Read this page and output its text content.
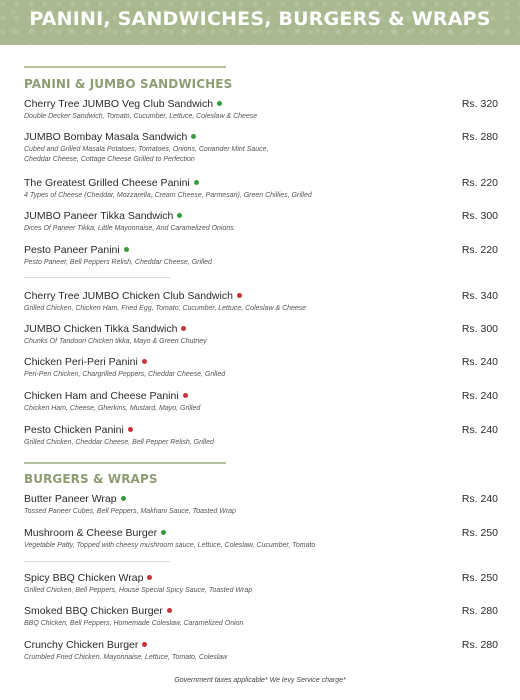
PANINI, SANDWICHES, BURGERS & WRAPS
PANINI & JUMBO SANDWICHES
Cherry Tree JUMBO Veg Club Sandwich
Double Decker Sandwich, Tomato, Cucumber, Lettuce, Coleslaw & Cheese
Rs. 320
JUMBO Bombay Masala Sandwich
Cubed and Grilled Masala Potatoes, Tomatoes, Onions, Coriander Mint Sauce,
Cheddar Cheese, Cottage Cheese Grilled to Perfection
Rs. 280
The Greatest Grilled Cheese Panini
4 Types of Cheese (Cheddar, Mozzarella, Cream Cheese, Parmesan), Green Chillies, Grilled
Rs. 220
JUMBO Paneer Tikka Sandwich
Dices Of Paneer Tikka, Little Mayonnaise, And Caramelized Onions
Rs. 300
Pesto Paneer Panini
Pesto Paneer, Bell Peppers Relish, Cheddar Cheese, Grilled
Rs. 220
Cherry Tree JUMBO Chicken Club Sandwich
Grilled Chicken, Chicken Ham, Fried Egg, Tomato, Cucumber, Lettuce, Coleslaw & Cheese
Rs. 340
JUMBO Chicken Tikka Sandwich
Chunks Of Tandoori Chicken tikka, Mayo & Green Chutney
Rs. 300
Chicken Peri-Peri Panini
Peri-Peri Chicken, Chargrilled Peppers, Cheddar Cheese, Grilled
Rs. 240
Chicken Ham and Cheese Panini
Chicken Ham, Cheese, Gherkins, Mustard, Mayo, Grilled
Rs. 240
Pesto Chicken Panini
Grilled Chicken, Cheddar Cheese, Bell Pepper Relish, Grilled
Rs. 240
BURGERS & WRAPS
Butter Paneer Wrap
Tossed Paneer Cubes, Bell Peppers, Makhani Sauce, Toasted Wrap
Rs. 240
Mushroom & Cheese Burger
Vegetable Patty, Topped with cheesy mushroom sauce, Lettuce, Coleslaw, Cucumber, Tomato
Rs. 250
Spicy BBQ Chicken Wrap
Grilled Chicken, Bell Peppers, House Special Spicy Sauce, Toasted Wrap
Rs. 250
Smoked BBQ Chicken Burger
BBQ Chicken, Bell Peppers, Homemade Coleslaw, Caramelized Onion
Rs. 280
Crunchy Chicken Burger
Crumbled Fried Chicken, Mayonnaise, Lettuce, Tomato, Coleslaw
Rs. 280
Government taxes applicable* We levy Service charge*
